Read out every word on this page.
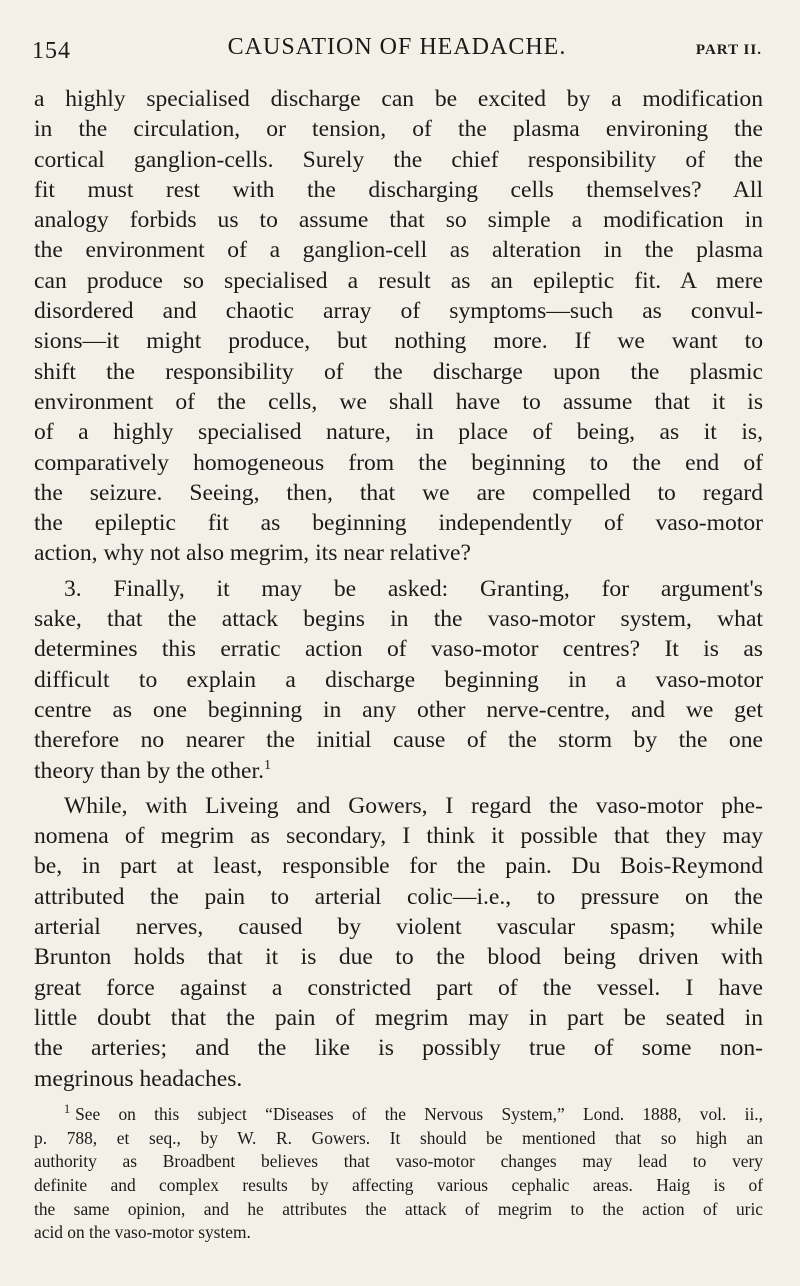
154	CAUSATION OF HEADACHE.	PART II.
a highly specialised discharge can be excited by a modification
in the circulation, or tension, of the plasma environing the
cortical ganglion-cells. Surely the chief responsibility of the
fit must rest with the discharging cells themselves? All
analogy forbids us to assume that so simple a modification in
the environment of a ganglion-cell as alteration in the plasma
can produce so specialised a result as an epileptic fit. A mere
disordered and chaotic array of symptoms—such as convul-
sions—it might produce, but nothing more. If we want to
shift the responsibility of the discharge upon the plasmic
environment of the cells, we shall have to assume that it is
of a highly specialised nature, in place of being, as it is,
comparatively homogeneous from the beginning to the end of
the seizure. Seeing, then, that we are compelled to regard
the epileptic fit as beginning independently of vaso-motor
action, why not also megrim, its near relative?
3. Finally, it may be asked: Granting, for argument's
sake, that the attack begins in the vaso-motor system, what
determines this erratic action of vaso-motor centres? It is as
difficult to explain a discharge beginning in a vaso-motor
centre as one beginning in any other nerve-centre, and we get
therefore no nearer the initial cause of the storm by the one
theory than by the other.$^1$
While, with Liveing and Gowers, I regard the vaso-motor phe-
nomena of megrim as secondary, I think it possible that they may
be, in part at least, responsible for the pain. Du Bois-Reymond
attributed the pain to arterial colic—i.e., to pressure on the
arterial nerves, caused by violent vascular spasm; while
Brunton holds that it is due to the blood being driven with
great force against a constricted part of the vessel. I have
little doubt that the pain of megrim may in part be seated in
the arteries; and the like is possibly true of some non-
megrinous headaches.
$^1$ See on this subject “Diseases of the Nervous System,” Lond. 1888, vol. ii.,
p. 788, et seq., by W. R. Gowers. It should be mentioned that so high an
authority as Broadbent believes that vaso-motor changes may lead to very
definite and complex results by affecting various cephalic areas. Haig is of
the same opinion, and he attributes the attack of megrim to the action of uric
acid on the vaso-motor system.
